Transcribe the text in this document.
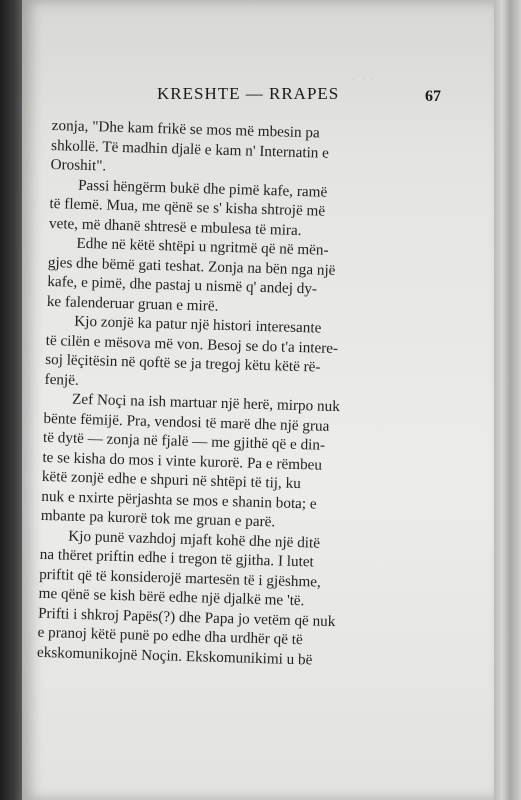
· · ·
KRESHTE — RRAPES	67

zonja, "Dhe kam frikë se mos më mbesin pa
shkollë. Të madhin djalë e kam n' Internatin e
Oroshit".

Passi hëngërm bukë dhe pimë kafe, ramë
të flemë. Mua, me qënë se s' kisha shtrojë më
vete, më dhanë shtresë e mbulesa të mira.

Edhe në këtë shtëpi u ngritmë që në mën-
gjes dhe bëmë gati teshat. Zonja na bën nga një
kafe, e pimë, dhe pastaj u nismë q' andej dy-
ke falenderuar gruan e mirë.

Kjo zonjë ka patur një histori interesante
të cilën e mësova më von. Besoj se do t'a intere-
soj lëçitësin në qoftë se ja tregoj këtu këtë rë-
fenjë.

Zef Noçi na ish martuar një herë, mirpo nuk
bënte fëmijë. Pra, vendosi të marë dhe një grua
të dytë — zonja në fjalë — me gjithë që e din-
te se kisha do mos i vinte kurorë. Pa e rëmbeu
këtë zonjë edhe e shpuri në shtëpi të tij, ku
nuk e nxirte përjashta se mos e shanin bota; e
mbante pa kurorë tok me gruan e parë.

Kjo punë vazhdoj mjaft kohë dhe një ditë
na thëret priftin edhe i tregon të gjitha. I lutet
priftit që të konsiderojë martesën të i gjëshme,
me qënë se kish bërë edhe një djalkë me 'të.
Prifti i shkroj Papës(?) dhe Papa jo vetëm që nuk
e pranoj këtë punë po edhe dha urdhër që të
ekskomunikojnë Noçin. Ekskomunikimi u bë
